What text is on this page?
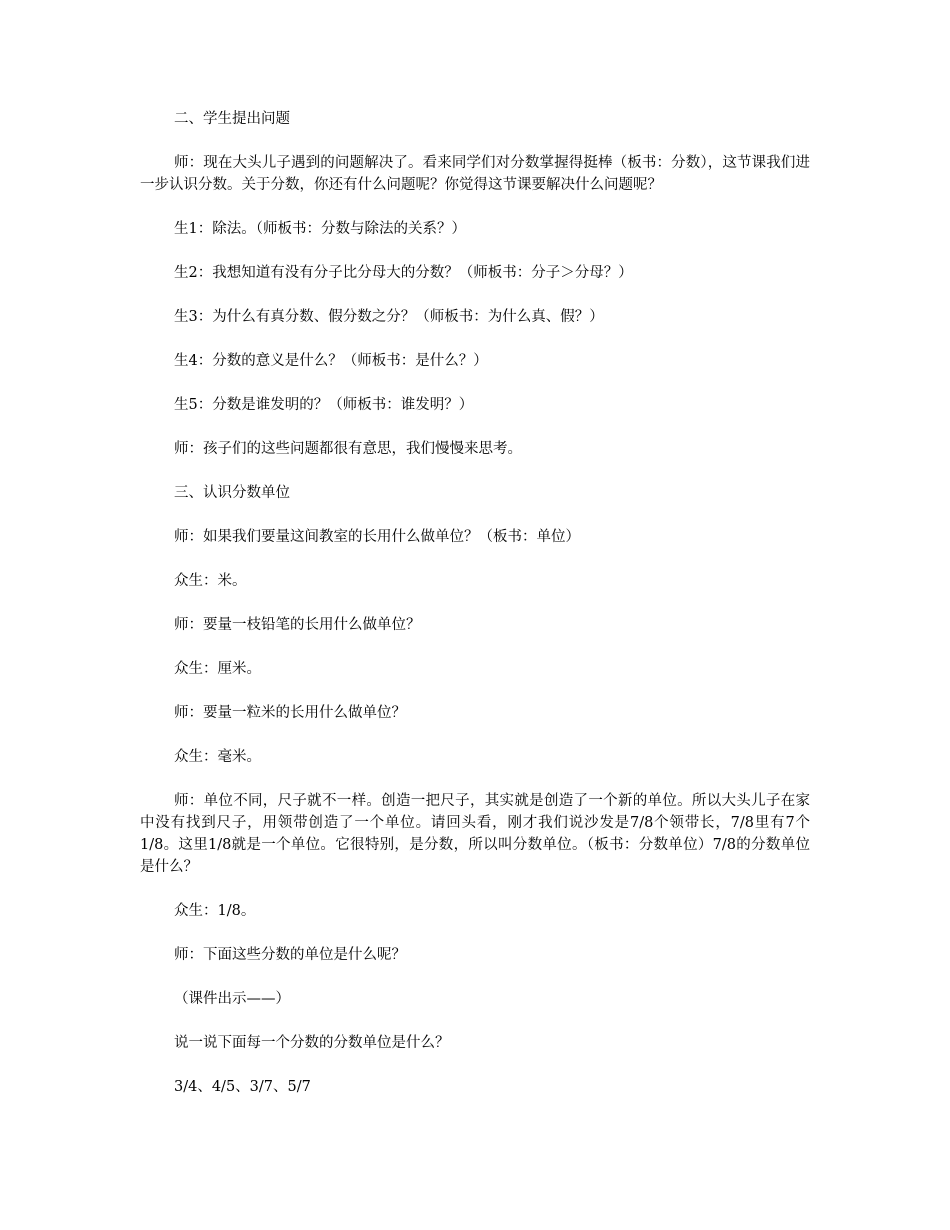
二、学生提出问题

师：现在大头儿子遇到的问题解决了。看来同学们对分数掌握得挺棒（板书：分数），这节课我们进一步认识分数。关于分数，你还有什么问题呢？你觉得这节课要解决什么问题呢？

生1：除法。（师板书：分数与除法的关系？）

生2：我想知道有没有分子比分母大的分数？（师板书：分子＞分母？）

生3：为什么有真分数、假分数之分？（师板书：为什么真、假？）

生4：分数的意义是什么？（师板书：是什么？）

生5：分数是谁发明的？（师板书：谁发明？）

师：孩子们的这些问题都很有意思，我们慢慢来思考。

三、认识分数单位

师：如果我们要量这间教室的长用什么做单位？（板书：单位）

众生：米。

师：要量一枝铅笔的长用什么做单位？

众生：厘米。

师：要量一粒米的长用什么做单位？

众生：毫米。

师：单位不同，尺子就不一样。创造一把尺子，其实就是创造了一个新的单位。所以大头儿子在家中没有找到尺子，用领带创造了一个单位。请回头看，刚才我们说沙发是7/8个领带长，7/8里有7个1/8。这里1/8就是一个单位。它很特别，是分数，所以叫分数单位。（板书：分数单位）7/8的分数单位是什么？

众生：1/8。

师：下面这些分数的单位是什么呢？

（课件出示——）

说一说下面每一个分数的分数单位是什么？

3/4、4/5、3/7、5/7
